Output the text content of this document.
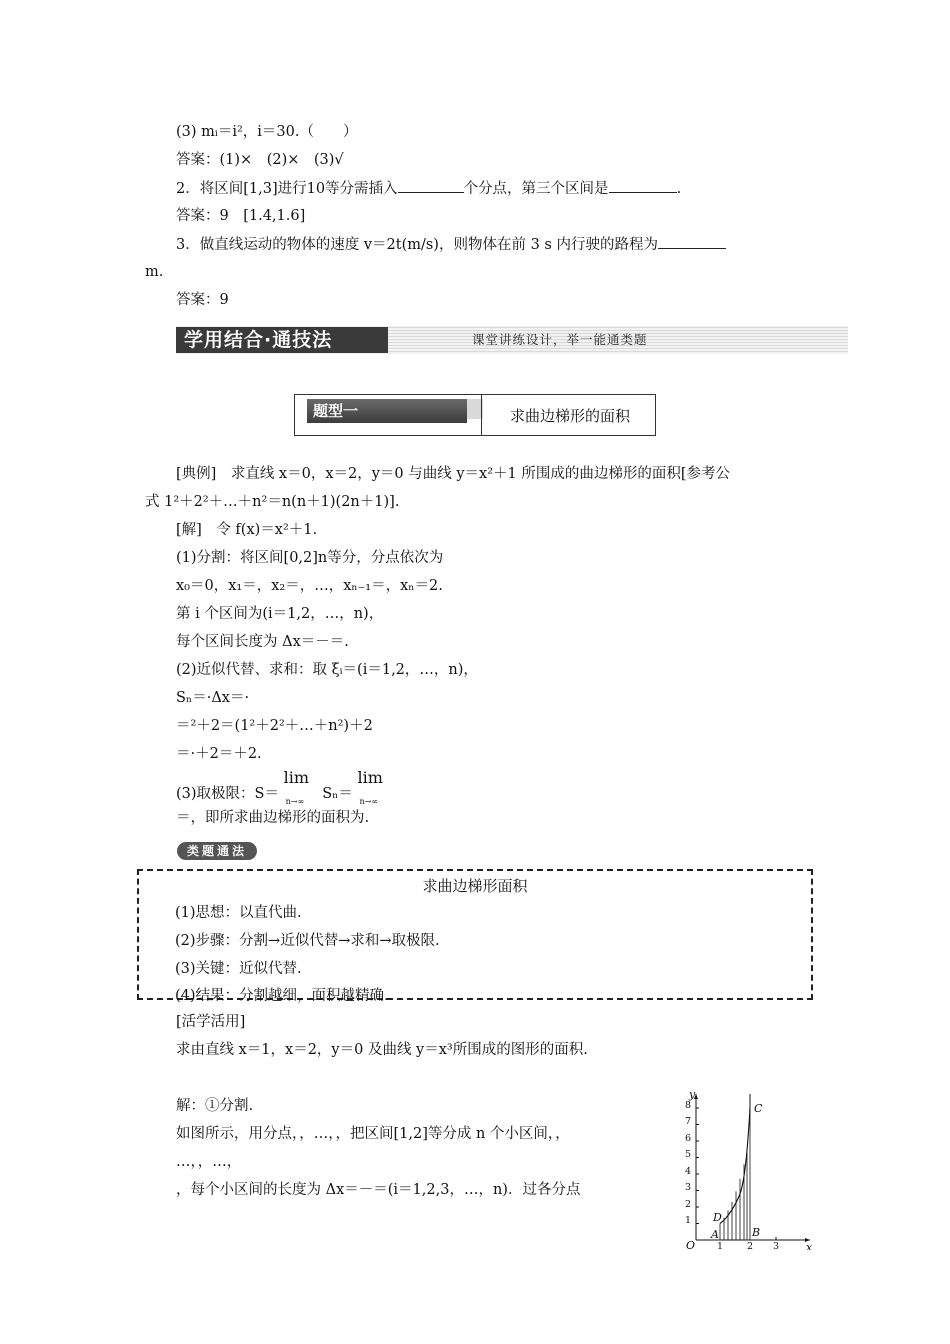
(3) mᵢ＝i²，i＝30.（　　）
答案：(1)×　(2)×　(3)√
2．将区间[1,3]进行10等分需插入	个分点，第三个区间是	.
答案：9　[1.4,1.6]
3．做直线运动的物体的速度 v＝2t(m/s)，则物体在前 3 s 内行驶的路程为
m.
答案：9
学用结合·通技法	课堂讲练设计，举一能通类题
题型一	求曲边梯形的面积
[典例]　求直线 x＝0，x＝2，y＝0 与曲线 y＝x²＋1 所围成的曲边梯形的面积[参考公
式 1²＋2²＋…＋n²＝n(n＋1)(2n＋1)].
[解]　令 f(x)＝x²＋1.
(1)分割：将区间[0,2]n等分，分点依次为
x₀＝0，x₁＝，x₂＝，…，xₙ₋₁＝，xₙ＝2.
第 i 个区间为(i＝1,2，…，n)，
每个区间长度为 Δx＝－＝.
(2)近似代替、求和：取 ξᵢ＝(i＝1,2，…，n)，
Sₙ＝·Δx＝·
＝²＋2＝(1²＋2²＋…＋n²)＋2
＝·＋2＝＋2.
(3)取极限：S＝
lim
n→∞ Sₙ＝
lim
n→∞
＝，即所求曲边梯形的面积为.
类题通法
求曲边梯形面积
(1)思想：以直代曲.
(2)步骤：分割→近似代替→求和→取极限.
(3)关键：近似代替.
(4)结果：分割越细，面积越精确.
[活学活用]
求由直线 x＝1，x＝2，y＝0 及曲线 y＝x³所围成的图形的面积.
解：①分割.
如图所示，用分点，，…，，把区间[1,2]等分成 n 个小区间，，
…，，…，
，每个小区间的长度为 Δx＝－＝(i＝1,2,3，…，n)．过各分点
x
y
O
1
2
3
4
5
6
7
8
1	2 3
A	B
C
D
